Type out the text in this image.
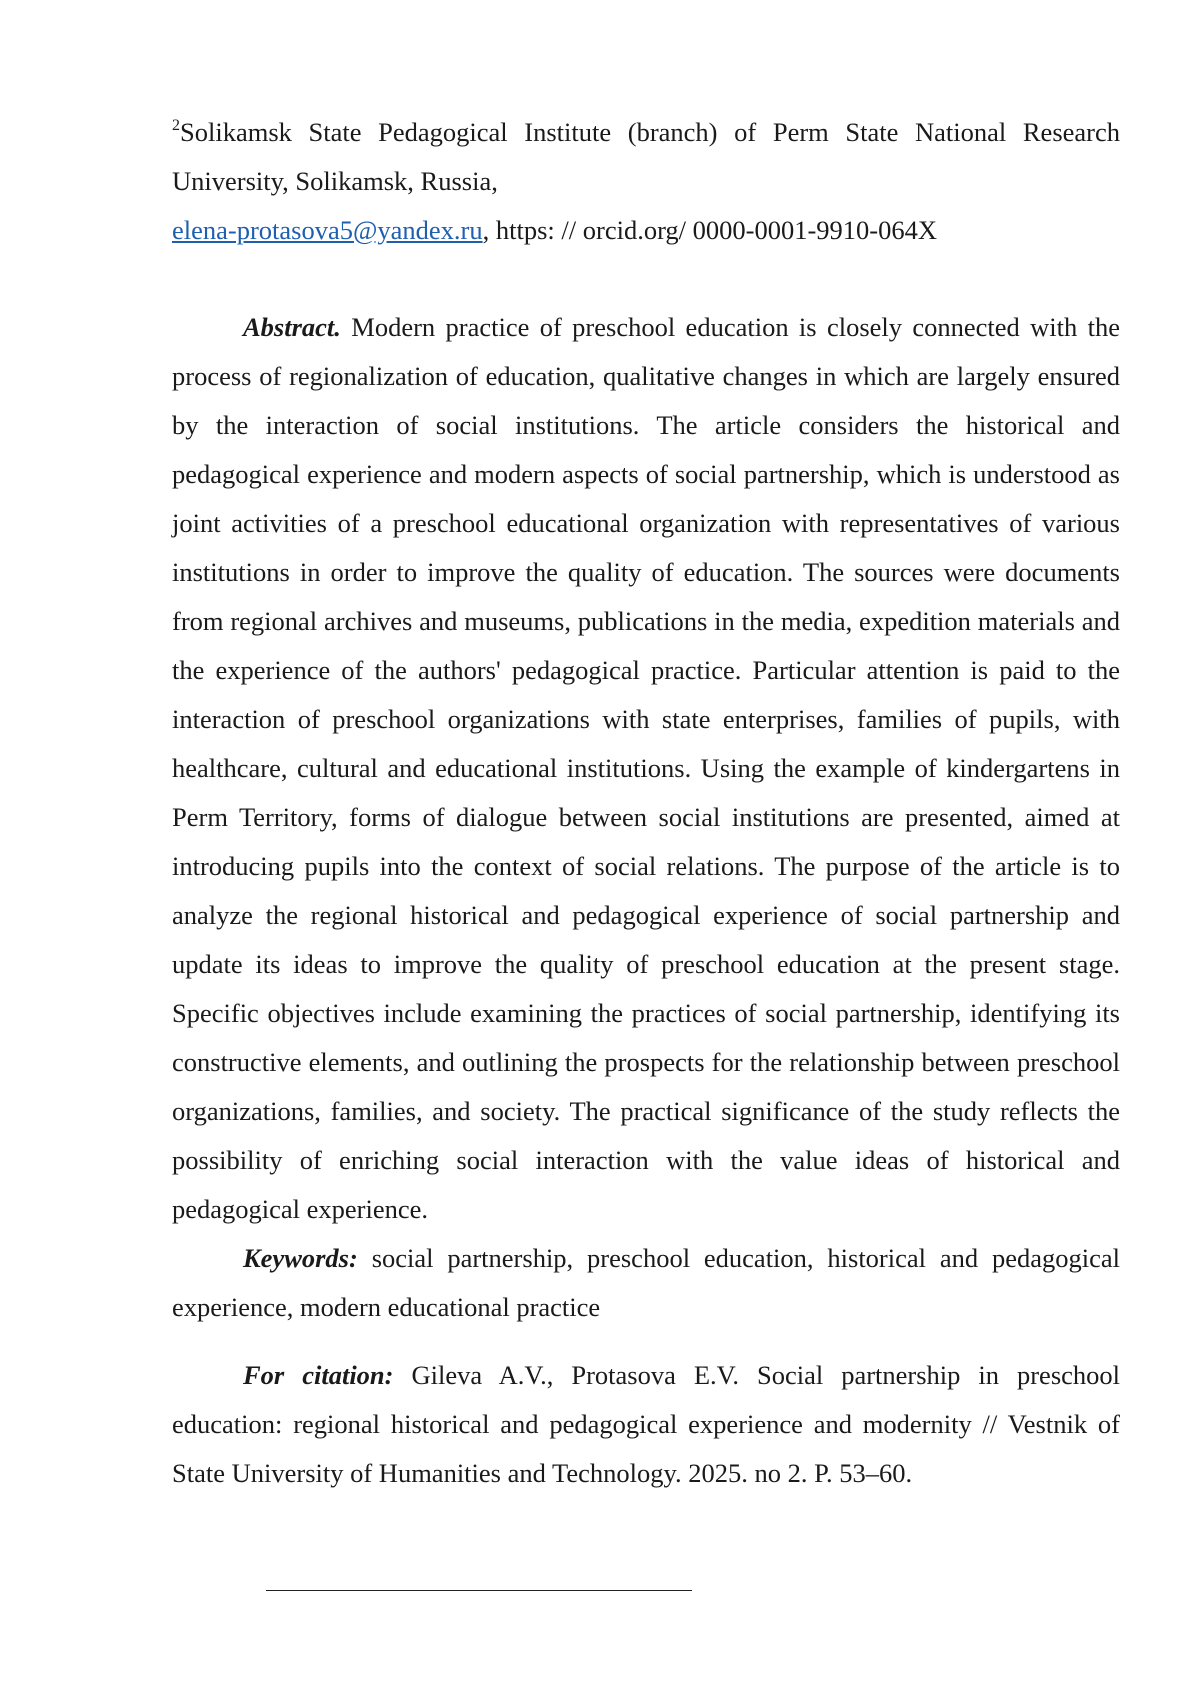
2Solikamsk State Pedagogical Institute (branch) of Perm State National Research University, Solikamsk, Russia,
elena-protasova5@yandex.ru, https: // orcid.org/ 0000-0001-9910-064X

Abstract. Modern practice of preschool education is closely connected with the process of regionalization of education, qualitative changes in which are largely ensured by the interaction of social institutions. The article considers the historical and pedagogical experience and modern aspects of social partnership, which is understood as joint activities of a preschool educational organization with representatives of various institutions in order to improve the quality of education. The sources were documents from regional archives and museums, publications in the media, expedition materials and the experience of the authors' pedagogical practice. Particular attention is paid to the interaction of preschool organizations with state enterprises, families of pupils, with healthcare, cultural and educational institutions. Using the example of kindergartens in Perm Territory, forms of dialogue between social institutions are presented, aimed at introducing pupils into the context of social relations. The purpose of the article is to analyze the regional historical and pedagogical experience of social partnership and update its ideas to improve the quality of preschool education at the present stage. Specific objectives include examining the practices of social partnership, identifying its constructive elements, and outlining the prospects for the relationship between preschool organizations, families, and society. The practical significance of the study reflects the possibility of enriching social interaction with the value ideas of historical and pedagogical experience.

Keywords: social partnership, preschool education, historical and pedagogical experience, modern educational practice

For citation: Gileva A.V., Protasova E.V. Social partnership in preschool education: regional historical and pedagogical experience and modernity // Vestnik of State University of Humanities and Technology. 2025. no 2. P. 53–60.
